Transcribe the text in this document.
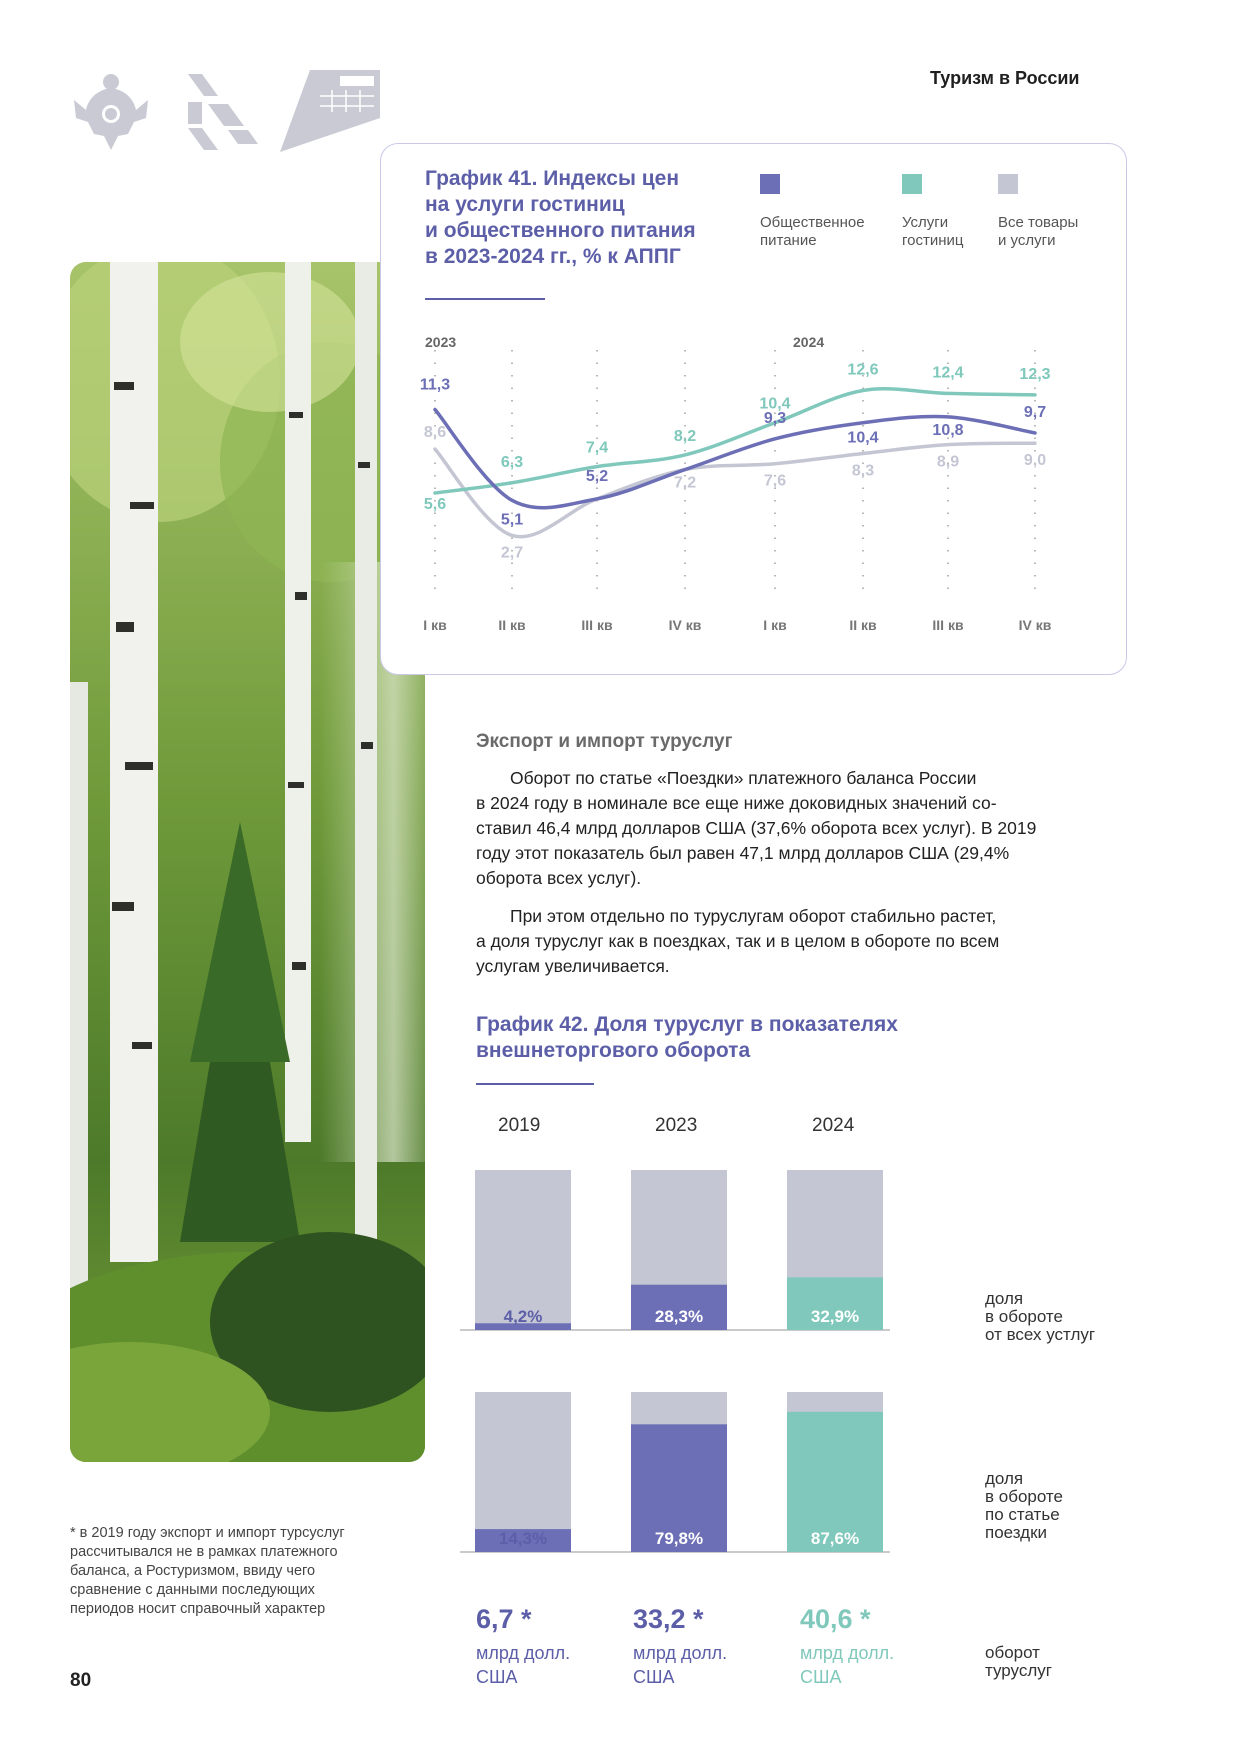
Туризм в России
График 41. Индексы цен
на услуги гостиниц
и общественного питания
в 2023-2024 гг., % к АППГ
Общественное
питание
Услуги
гостиниц
Все товары
и услуги
2023	2024
8,6
2,7
7,2	7,6
8,3
8,9	9,0
5,6
6,3
7,4
8,2
10,4
12,6	12,4	12,3
11,3
5,1
5,2
9,3
10,4	10,8
9,7
I кв	II кв	III кв	IV кв	I кв	II кв	III кв	IV кв
Экспорт и импорт туруслуг
Оборот по статье «Поездки» платежного баланса России
в 2024 году в номинале все еще ниже доковидных значений со-
ставил 46,4 млрд долларов США (37,6% оборота всех услуг). В 2019
году этот показатель был равен 47,1 млрд долларов США (29,4%
оборота всех услуг).
При этом отдельно по туруслугам оборот стабильно растет,
а доля туруслуг как в поездках, так и в целом в обороте по всем
услугам увеличивается.
График 42. Доля туруслуг в показателях
внешнеторгового оборота
2019	2023	2024
4,2%	28,3%	32,9%
14,3%	79,8%	87,6%
доля
в обороте
от всех устлуг
доля
в обороте
по статье
поездки
оборот
туруслуг
6,7 *
млрд долл.
США
33,2 *
млрд долл.
США
40,6 *
млрд долл.
США
* в 2019 году экспорт и импорт турсуслуг
рассчитывался не в рамках платежного
баланса, а Ростуризмом, ввиду чего
сравнение с данными последующих
периодов носит справочный характер
80
